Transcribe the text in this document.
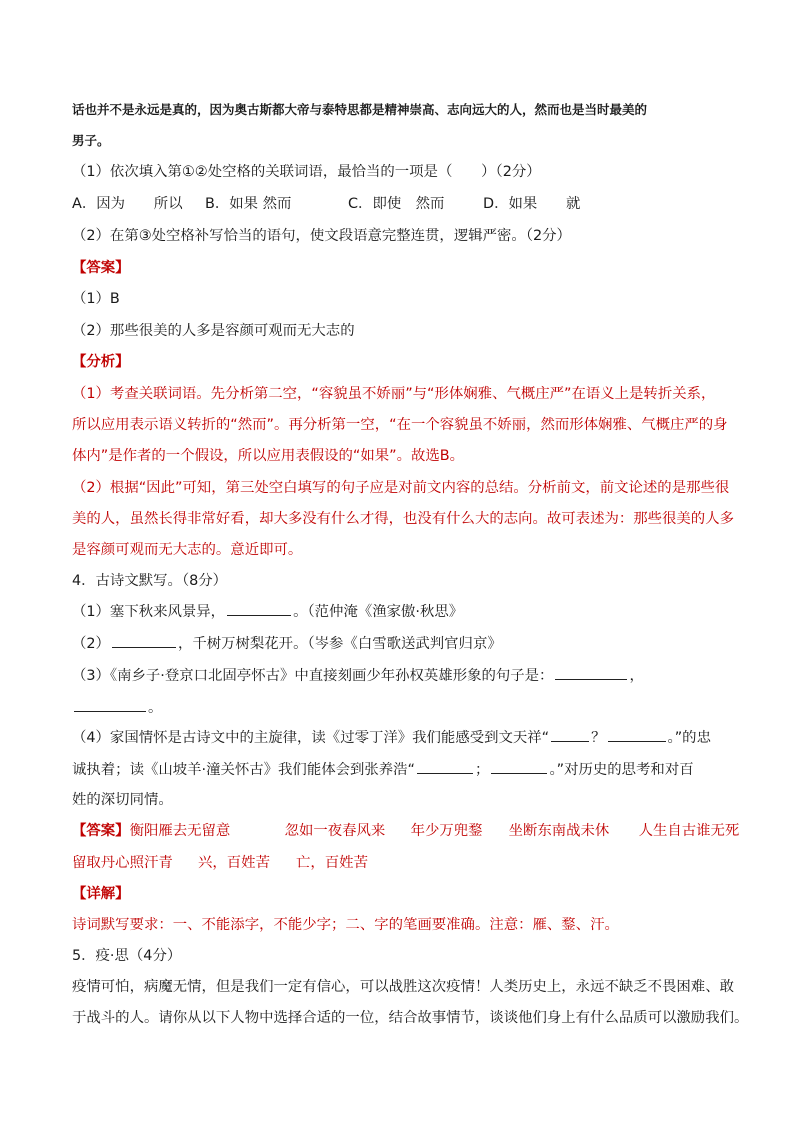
话也并不是永远是真的，因为奥古斯都大帝与泰特思都是精神崇高、志向远大的人，然而也是当时最美的
男子。
（1）依次填入第①②处空格的关联词语，最恰当的一项是（　　）（2分）
A．因为　　所以 B．如果 然而	C．即使　然而	D．如果　　就
（2）在第③处空格补写恰当的语句，使文段语意完整连贯，逻辑严密。（2分）
【答案】
（1）B
（2）那些很美的人多是容颜可观而无大志的
【分析】
（1）考查关联词语。先分析第二空，“容貌虽不娇丽”与“形体娴雅、气概庄严”在语义上是转折关系，
所以应用表示语义转折的“然而”。再分析第一空，“在一个容貌虽不娇丽，然而形体娴雅、气概庄严的身
体内”是作者的一个假设，所以应用表假设的“如果”。故选B。
（2）根据“因此”可知，第三处空白填写的句子应是对前文内容的总结。分析前文，前文论述的是那些很
美的人，虽然长得非常好看，却大多没有什么才得，也没有什么大的志向。故可表述为：那些很美的人多
是容颜可观而无大志的。意近即可。
4．古诗文默写。（8分）
（1）塞下秋来风景异，	。（范仲淹《渔家傲·秋思》
（2）	，千树万树梨花开。（岑参《白雪歌送武判官归京》
（3）《南乡子·登京口北固亭怀古》中直接刻画少年孙权英雄形象的句子是：	，
。
（4）家国情怀是古诗文中的主旋律，读《过零丁洋》我们能感受到文天祥“	？	。”的忠
诚执着；读《山坡羊·潼关怀古》我们能体会到张养浩“	；	。”对历史的思考和对百
姓的深切同情。
【答案】衡阳雁去无留意	忽如一夜春风来 年少万兜鍪 坐断东南战未休 人生自古谁无死
留取丹心照汗青 兴，百姓苦 亡，百姓苦
【详解】
诗词默写要求：一、不能添字，不能少字；二、字的笔画要准确。注意：雁、鍪、汗。
5．疫·思（4分）
疫情可怕，病魔无情，但是我们一定有信心，可以战胜这次疫情！人类历史上，永远不缺乏不畏困难、敢
于战斗的人。请你从以下人物中选择合适的一位，结合故事情节，谈谈他们身上有什么品质可以激励我们。
